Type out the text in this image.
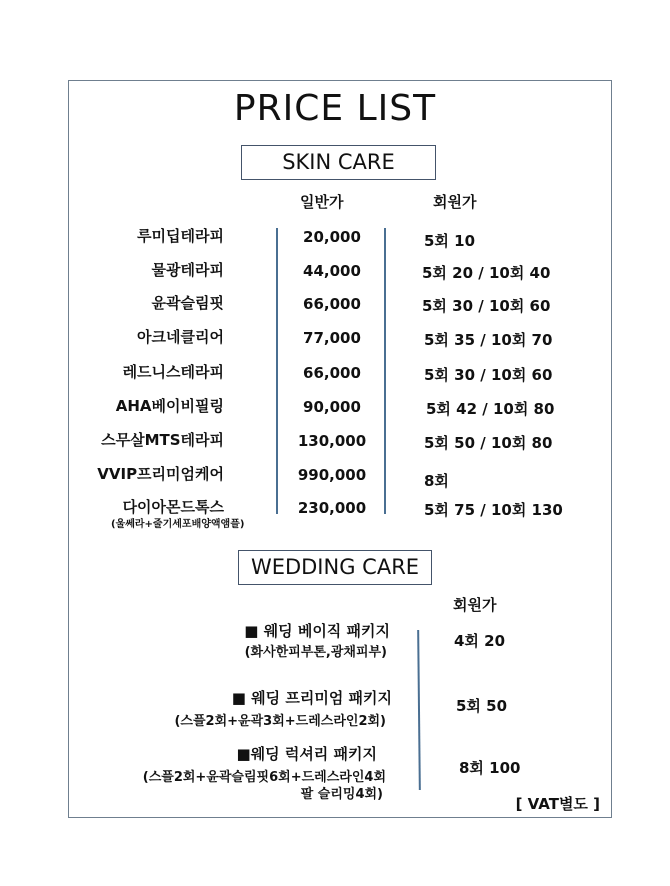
PRICE LIST
SKIN CARE
일반가	회원가
루미딥테라피	20,000	5회 10
물광테라피	44,000	5회 20 / 10회 40
윤곽슬림핏	66,000	5회 30 / 10회 60
아크네클리어	77,000	5회 35 / 10회 70
레드니스테라피	66,000	5회 30 / 10회 60
AHA베이비필링	90,000	5회 42 / 10회 80
스무살MTS테라피	130,000	5회 50 / 10회 80
VVIP프리미엄케어	990,000	8회
다이아몬드톡스	230,000	5회 75 / 10회 130
(울쎄라+줄기세포배양액앰플)
WEDDING CARE
회원가
■ 웨딩 베이직 패키지
(화사한피부톤,광채피부)
4회 20
■ 웨딩 프리미엄 패키지
(스플2회+윤곽3회+드레스라인2회)
5회 50
■웨딩 럭셔리 패키지
(스플2회+윤곽슬림핏6회+드레스라인4회
팔 슬리밍4회)
8회 100
[ VAT별도 ]
